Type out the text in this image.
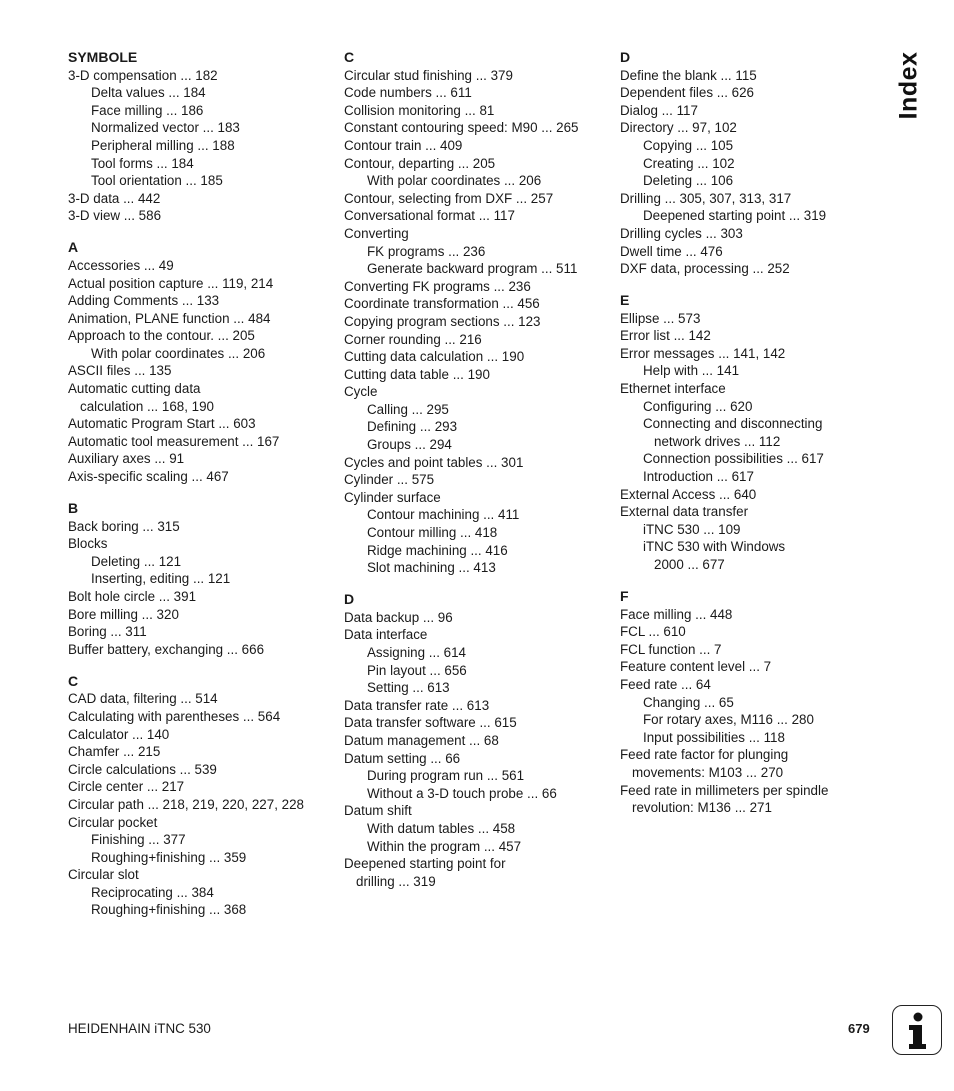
SYMBOLE
3-D compensation ... 182
Delta values ... 184
Face milling ... 186
Normalized vector ... 183
Peripheral milling ... 188
Tool forms ... 184
Tool orientation ... 185
3-D data ... 442
3-D view ... 586
A
Accessories ... 49
Actual position capture ... 119, 214
Adding Comments ... 133
Animation, PLANE function ... 484
Approach to the contour. ... 205
With polar coordinates ... 206
ASCII files ... 135
Automatic cutting data
calculation ... 168, 190
Automatic Program Start ... 603
Automatic tool measurement ... 167
Auxiliary axes ... 91
Axis-specific scaling ... 467
B
Back boring ... 315
Blocks
Deleting ... 121
Inserting, editing ... 121
Bolt hole circle ... 391
Bore milling ... 320
Boring ... 311
Buffer battery, exchanging ... 666
C
CAD data, filtering ... 514
Calculating with parentheses ... 564
Calculator ... 140
Chamfer ... 215
Circle calculations ... 539
Circle center ... 217
Circular path ... 218, 219, 220, 227, 228
Circular pocket
Finishing ... 377
Roughing+finishing ... 359
Circular slot
Reciprocating ... 384
Roughing+finishing ... 368
C
Circular stud finishing ... 379
Code numbers ... 611
Collision monitoring ... 81
Constant contouring speed: M90 ... 265
Contour train ... 409
Contour, departing ... 205
With polar coordinates ... 206
Contour, selecting from DXF ... 257
Conversational format ... 117
Converting
FK programs ... 236
Generate backward program ... 511
Converting FK programs ... 236
Coordinate transformation ... 456
Copying program sections ... 123
Corner rounding ... 216
Cutting data calculation ... 190
Cutting data table ... 190
Cycle
Calling ... 295
Defining ... 293
Groups ... 294
Cycles and point tables ... 301
Cylinder ... 575
Cylinder surface
Contour machining ... 411
Contour milling ... 418
Ridge machining ... 416
Slot machining ... 413
D
Data backup ... 96
Data interface
Assigning ... 614
Pin layout ... 656
Setting ... 613
Data transfer rate ... 613
Data transfer software ... 615
Datum management ... 68
Datum setting ... 66
During program run ... 561
Without a 3-D touch probe ... 66
Datum shift
With datum tables ... 458
Within the program ... 457
Deepened starting point for
drilling ... 319
D
Define the blank ... 115
Dependent files ... 626
Dialog ... 117
Directory ... 97, 102
Copying ... 105
Creating ... 102
Deleting ... 106
Drilling ... 305, 307, 313, 317
Deepened starting point ... 319
Drilling cycles ... 303
Dwell time ... 476
DXF data, processing ... 252
E
Ellipse ... 573
Error list ... 142
Error messages ... 141, 142
Help with ... 141
Ethernet interface
Configuring ... 620
Connecting and disconnecting
network drives ... 112
Connection possibilities ... 617
Introduction ... 617
External Access ... 640
External data transfer
iTNC 530 ... 109
iTNC 530 with Windows
2000 ... 677
F
Face milling ... 448
FCL ... 610
FCL function ... 7
Feature content level ... 7
Feed rate ... 64
Changing ... 65
For rotary axes, M116 ... 280
Input possibilities ... 118
Feed rate factor for plunging
movements: M103 ... 270
Feed rate in millimeters per spindle
revolution: M136 ... 271
Index
HEIDENHAIN iTNC 530	679
